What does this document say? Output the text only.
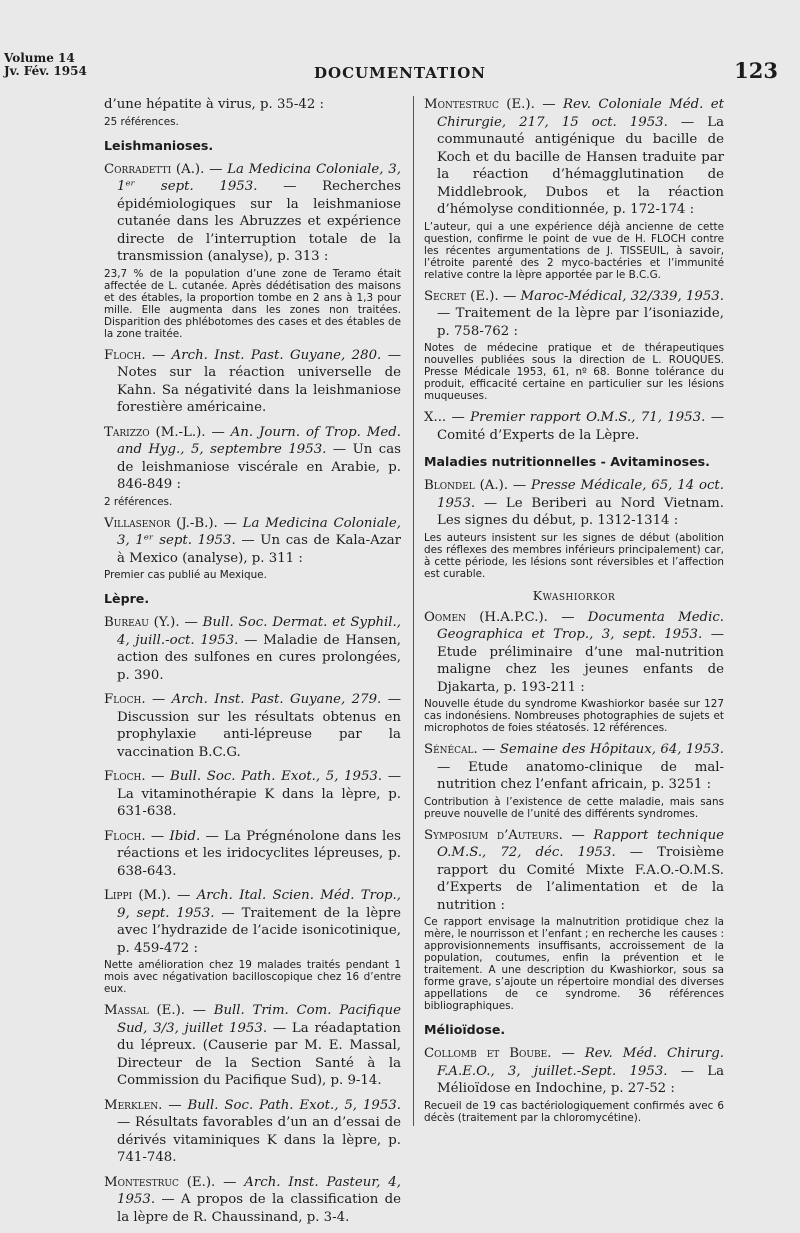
Volume 14
Jv. Fév. 1954	DOCUMENTATION	123
d’une hépatite à virus, p. 35-42 :
25 références.
Leishmanioses.
Corradetti (A.). — La Medicina Coloniale, 3, 1ᵉʳ sept. 1953. — Recherches épidémiologiques sur la leishmaniose cutanée dans les Abruzzes et expérience directe de l’interruption totale de la transmission (analyse), p. 313 :
23,7 % de la population d’une zone de Teramo était affectée de L. cutanée. Après dédétisation des maisons et des étables, la proportion tombe en 2 ans à 1,3 pour mille. Elle augmenta dans les zones non traitées. Disparition des phlébotomes des cases et des étables de la zone traitée.
Floch. — Arch. Inst. Past. Guyane, 280. — Notes sur la réaction universelle de Kahn. Sa négativité dans la leishmaniose forestière américaine.
Tarizzo (M.-L.). — An. Journ. of Trop. Med. and Hyg., 5, septembre 1953. — Un cas de leishmaniose viscérale en Arabie, p. 846-849 :
2 références.
Villasenor (J.-B.). — La Medicina Coloniale, 3, 1ᵉʳ sept. 1953. — Un cas de Kala-Azar à Mexico (analyse), p. 311 :
Premier cas publié au Mexique.
Lèpre.
Bureau (Y.). — Bull. Soc. Dermat. et Syphil., 4, juill.-oct. 1953. — Maladie de Hansen, action des sulfones en cures prolongées, p. 390.
Floch. — Arch. Inst. Past. Guyane, 279. — Discussion sur les résultats obtenus en prophylaxie anti-lépreuse par la vaccination B.C.G.
Floch. — Bull. Soc. Path. Exot., 5, 1953. — La vitaminothérapie K dans la lèpre, p. 631-638.
Floch. — Ibid. — La Prégnénolone dans les réactions et les iridocyclites lépreuses, p. 638-643.
Lippi (M.). — Arch. Ital. Scien. Méd. Trop., 9, sept. 1953. — Traitement de la lèpre avec l’hydrazide de l’acide isonicotinique, p. 459-472 :
Nette amélioration chez 19 malades traités pendant 1 mois avec négativation bacilloscopique chez 16 d’entre eux.
Massal (E.). — Bull. Trim. Com. Pacifique Sud, 3/3, juillet 1953. — La réadaptation du lépreux. (Causerie par M. E. Massal, Directeur de la Section Santé à la Commission du Pacifique Sud), p. 9-14.
Merklen. — Bull. Soc. Path. Exot., 5, 1953. — Résultats favorables d’un an d’essai de dérivés vitaminiques K dans la lèpre, p. 741-748.
Montestruc (E.). — Arch. Inst. Pasteur, 4, 1953. — A propos de la classification de la lèpre de R. Chaussinand, p. 3-4.
Montestruc (E.). — Rev. Coloniale Méd. et Chirurgie, 217, 15 oct. 1953. — La communauté antigénique du bacille de Koch et du bacille de Hansen traduite par la réaction d’hémagglutination de Middlebrook, Dubos et la réaction d’hémolyse conditionnée, p. 172-174 :
L’auteur, qui a une expérience déjà ancienne de cette question, confirme le point de vue de H. FLOCH contre les récentes argumentations de J. TISSEUIL, à savoir, l’étroite parenté des 2 myco-bactéries et l’immunité relative contre la lèpre apportée par le B.C.G.
Secret (E.). — Maroc-Médical, 32/339, 1953. — Traitement de la lèpre par l’isoniazide, p. 758-762 :
Notes de médecine pratique et de thérapeutiques nouvelles publiées sous la direction de L. ROUQUES. Presse Médicale 1953, 61, nº 68. Bonne tolérance du produit, efficacité certaine en particulier sur les lésions muqueuses.
X... — Premier rapport O.M.S., 71, 1953. — Comité d’Experts de la Lèpre.
Maladies nutritionnelles - Avitaminoses.
Blondel (A.). — Presse Médicale, 65, 14 oct. 1953. — Le Beriberi au Nord Vietnam. Les signes du début, p. 1312-1314 :
Les auteurs insistent sur les signes de début (abolition des réflexes des membres inférieurs principalement) car, à cette période, les lésions sont réversibles et l’affection est curable.
Kwashiorkor
Oomen (H.A.P.C.). — Documenta Medic. Geographica et Trop., 3, sept. 1953. — Etude préliminaire d’une mal-nutrition maligne chez les jeunes enfants de Djakarta, p. 193-211 :
Nouvelle étude du syndrome Kwashiorkor basée sur 127 cas indonésiens. Nombreuses photographies de sujets et microphotos de foies stéatosés. 12 références.
Sénécal. — Semaine des Hôpitaux, 64, 1953. — Etude anatomo-clinique de mal-nutrition chez l’enfant africain, p. 3251 :
Contribution à l’existence de cette maladie, mais sans preuve nouvelle de l’unité des différents syndromes.
Symposium d’Auteurs. — Rapport technique O.M.S., 72, déc. 1953. — Troisième rapport du Comité Mixte F.A.O.-O.M.S. d’Experts de l’alimentation et de la nutrition :
Ce rapport envisage la malnutrition protidique chez la mère, le nourrisson et l’enfant ; en recherche les causes : approvisionnements insuffisants, accroissement de la population, coutumes, enfin la prévention et le traitement. A une description du Kwashiorkor, sous sa forme grave, s’ajoute un répertoire mondial des diverses appellations de ce syndrome. 36 références bibliographiques.
Mélioïdose.
Collomb et Boube. — Rev. Méd. Chirurg. F.A.E.O., 3, juillet.-Sept. 1953. — La Mélioïdose en Indochine, p. 27-52 :
Recueil de 19 cas bactériologiquement confirmés avec 6 décès (traitement par la chloromycétine).
